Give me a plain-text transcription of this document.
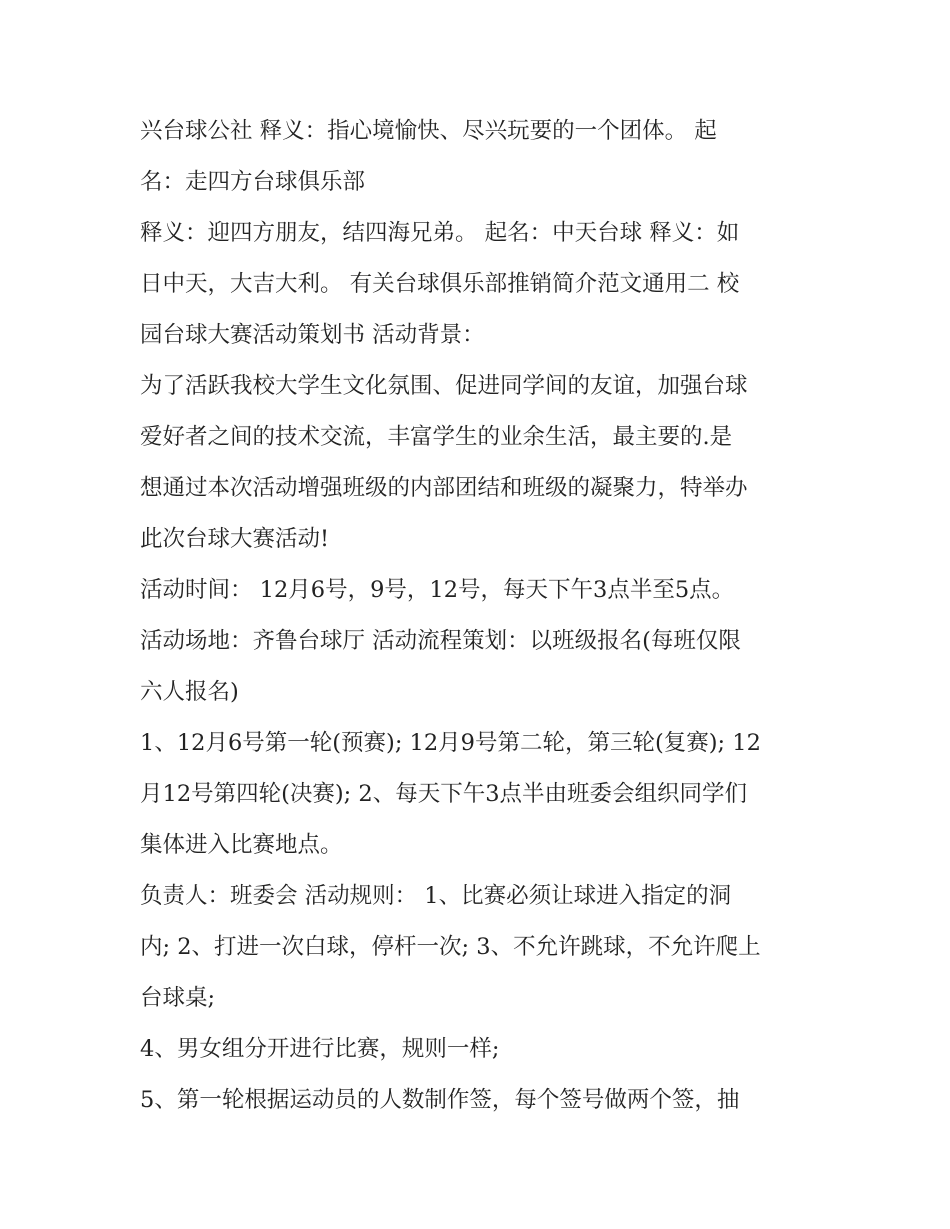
兴台球公社 释义：指心境愉快、尽兴玩要的一个团体。 起

名：走四方台球俱乐部

释义：迎四方朋友，结四海兄弟。 起名：中天台球 释义：如

日中天，大吉大利。 有关台球俱乐部推销简介范文通用二 校

园台球大赛活动策划书 活动背景：

为了活跃我校大学生文化氛围、促进同学间的友谊，加强台球

爱好者之间的技术交流，丰富学生的业余生活，最主要的.是

想通过本次活动增强班级的内部团结和班级的凝聚力，特举办

此次台球大赛活动!

活动时间： 12月6号，9号，12号，每天下午3点半至5点。

活动场地：齐鲁台球厅 活动流程策划：以班级报名(每班仅限

六人报名)

1、12月6号第一轮(预赛); 12月9号第二轮，第三轮(复赛); 12

月12号第四轮(决赛); 2、每天下午3点半由班委会组织同学们

集体进入比赛地点。

负责人：班委会 活动规则： 1、比赛必须让球进入指定的洞

内; 2、打进一次白球，停杆一次; 3、不允许跳球，不允许爬上

台球桌;

4、男女组分开进行比赛，规则一样;

5、第一轮根据运动员的人数制作签，每个签号做两个签，抽
